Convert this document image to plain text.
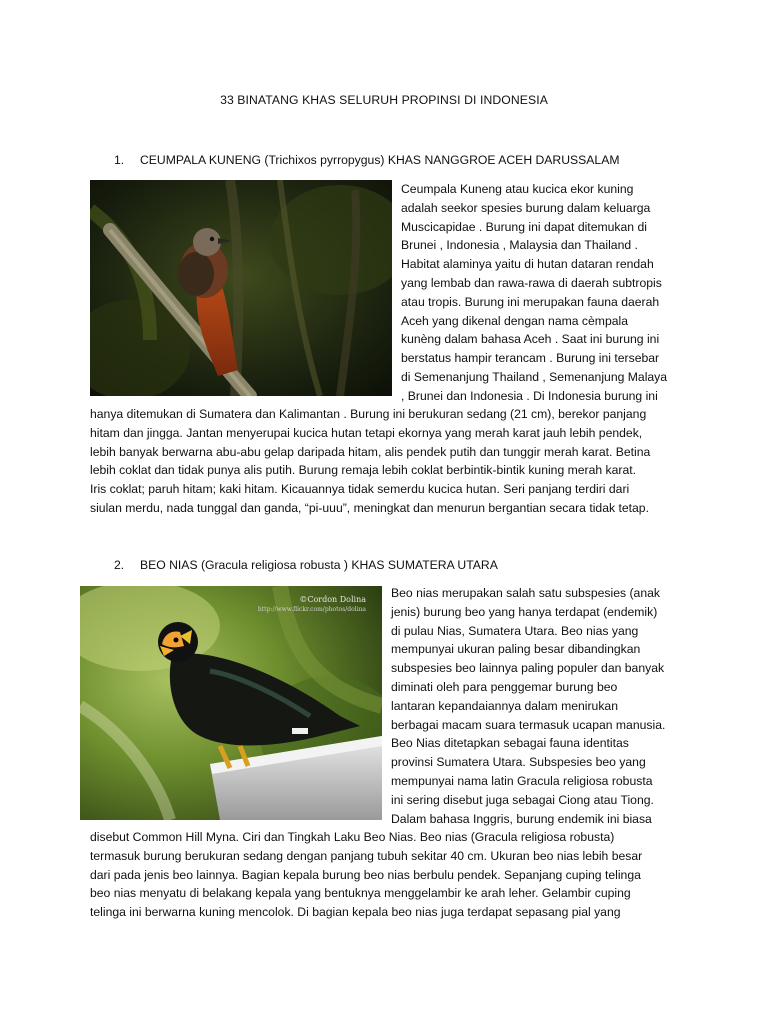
33 BINATANG KHAS SELURUH PROPINSI DI INDONESIA
1. CEUMPALA KUNENG (Trichixos pyrropygus) KHAS NANGGROE ACEH DARUSSALAM
Ceumpala Kuneng atau kucica ekor kuning
adalah seekor spesies burung dalam keluarga
Muscicapidae . Burung ini dapat ditemukan di
Brunei , Indonesia , Malaysia dan Thailand .
Habitat alaminya yaitu di hutan dataran rendah
yang lembab dan rawa-rawa di daerah subtropis
atau tropis. Burung ini merupakan fauna daerah
Aceh yang dikenal dengan nama cèmpala
kunèng dalam bahasa Aceh . Saat ini burung ini
berstatus hampir terancam . Burung ini tersebar
di Semenanjung Thailand , Semenanjung Malaya
, Brunei dan Indonesia . Di Indonesia burung ini
hanya ditemukan di Sumatera dan Kalimantan . Burung ini berukuran sedang (21 cm), berekor panjang
hitam dan jingga. Jantan menyerupai kucica hutan tetapi ekornya yang merah karat jauh lebih pendek,
lebih banyak berwarna abu-abu gelap daripada hitam, alis pendek putih dan tunggir merah karat. Betina
lebih coklat dan tidak punya alis putih. Burung remaja lebih coklat berbintik-bintik kuning merah karat.
Iris coklat; paruh hitam; kaki hitam. Kicauannya tidak semerdu kucica hutan. Seri panjang terdiri dari
siulan merdu, nada tunggal dan ganda, “pi-uuu”, meningkat dan menurun bergantian secara tidak tetap.
2. BEO NIAS (Gracula religiosa robusta ) KHAS SUMATERA UTARA
©Cordon Dolina
http://www.flickr.com/photos/dolina
Beo nias merupakan salah satu subspesies (anak
jenis) burung beo yang hanya terdapat (endemik)
di pulau Nias, Sumatera Utara. Beo nias yang
mempunyai ukuran paling besar dibandingkan
subspesies beo lainnya paling populer dan banyak
diminati oleh para penggemar burung beo
lantaran kepandaiannya dalam menirukan
berbagai macam suara termasuk ucapan manusia.
Beo Nias ditetapkan sebagai fauna identitas
provinsi Sumatera Utara. Subspesies beo yang
mempunyai nama latin Gracula religiosa robusta
ini sering disebut juga sebagai Ciong atau Tiong.
Dalam bahasa Inggris, burung endemik ini biasa
disebut Common Hill Myna. Ciri dan Tingkah Laku Beo Nias. Beo nias (Gracula religiosa robusta)
termasuk burung berukuran sedang dengan panjang tubuh sekitar 40 cm. Ukuran beo nias lebih besar
dari pada jenis beo lainnya. Bagian kepala burung beo nias berbulu pendek. Sepanjang cuping telinga
beo nias menyatu di belakang kepala yang bentuknya menggelambir ke arah leher. Gelambir cuping
telinga ini berwarna kuning mencolok. Di bagian kepala beo nias juga terdapat sepasang pial yang
